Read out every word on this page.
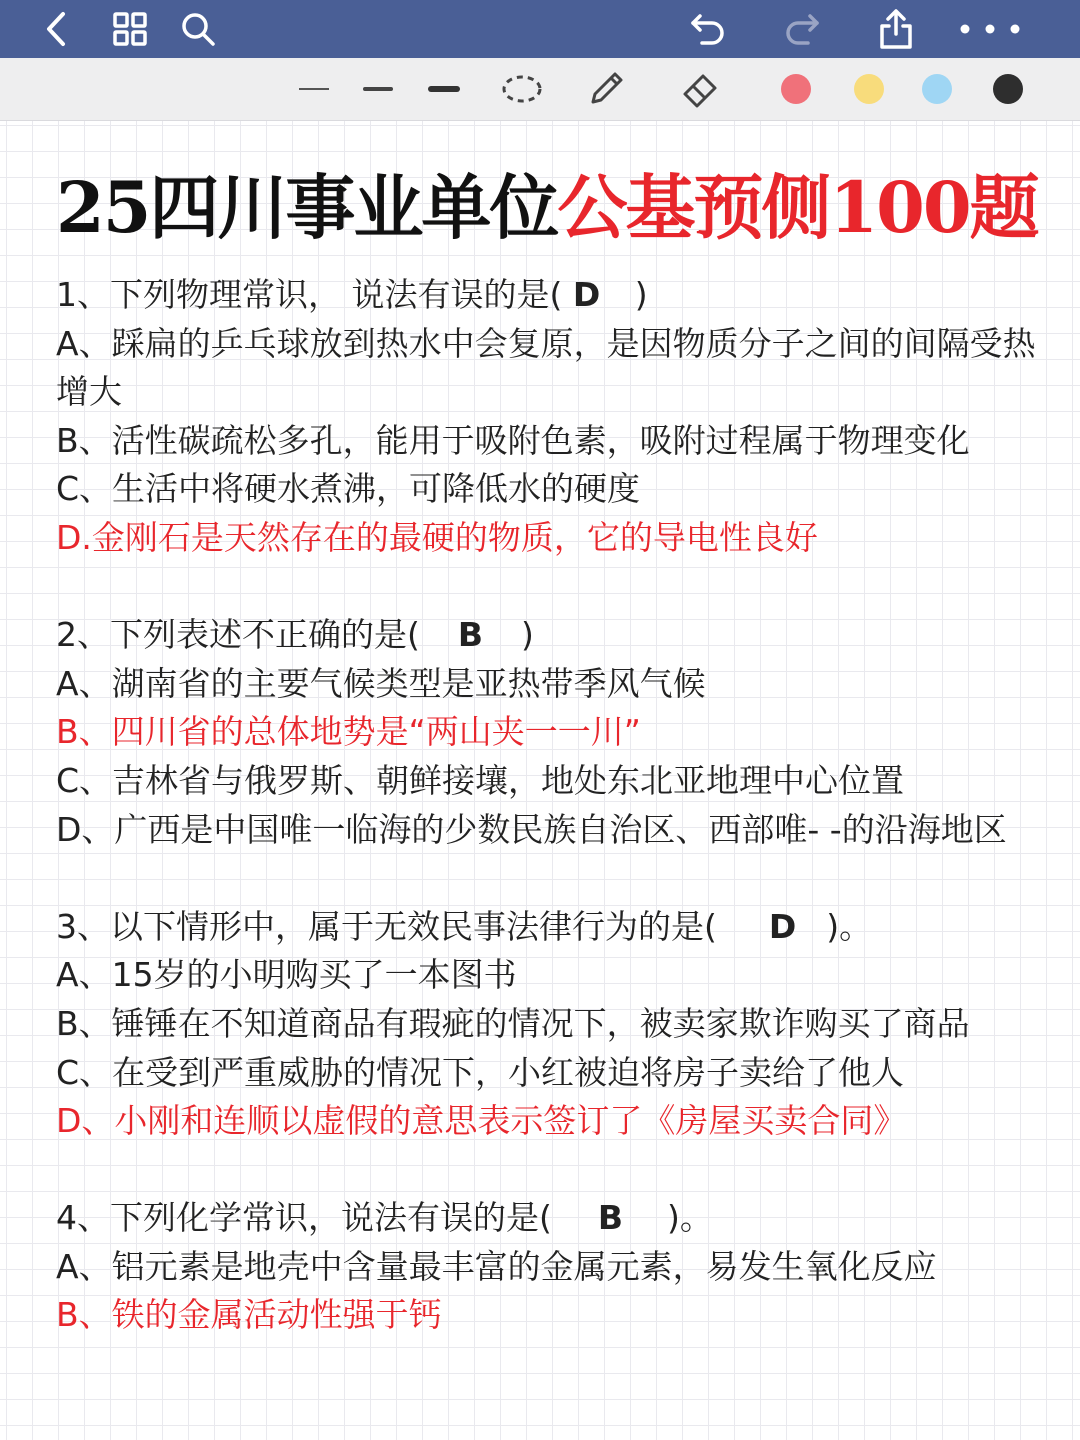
25四川事业单位公基预侧100题
1、下列物理常识， 说法有误的是( D )
A、踩扁的乒乓球放到热水中会复原，是因物质分子之间的间隔受热增大
B、活性碳疏松多孔，能用于吸附色素，吸附过程属于物理变化
C、生活中将硬水煮沸，可降低水的硬度
D.金刚石是天然存在的最硬的物质，它的导电性良好
2、下列表述不正确的是( B )
A、湖南省的主要气候类型是亚热带季风气候
B、四川省的总体地势是“两山夹一一川”
C、吉林省与俄罗斯、朝鲜接壤，地处东北亚地理中心位置
D、广西是中国唯一临海的少数民族自治区、西部唯- -的沿海地区
3、以下情形中，属于无效民事法律行为的是( D )。
A、15岁的小明购买了一本图书
B、锤锤在不知道商品有瑕疵的情况下，被卖家欺诈购买了商品
C、在受到严重威胁的情况下，小红被迫将房子卖给了他人
D、小刚和连顺以虚假的意思表示签订了《房屋买卖合同》
4、下列化学常识，说法有误的是( B )。
A、铝元素是地壳中含量最丰富的金属元素，易发生氧化反应
B、铁的金属活动性强于钙
